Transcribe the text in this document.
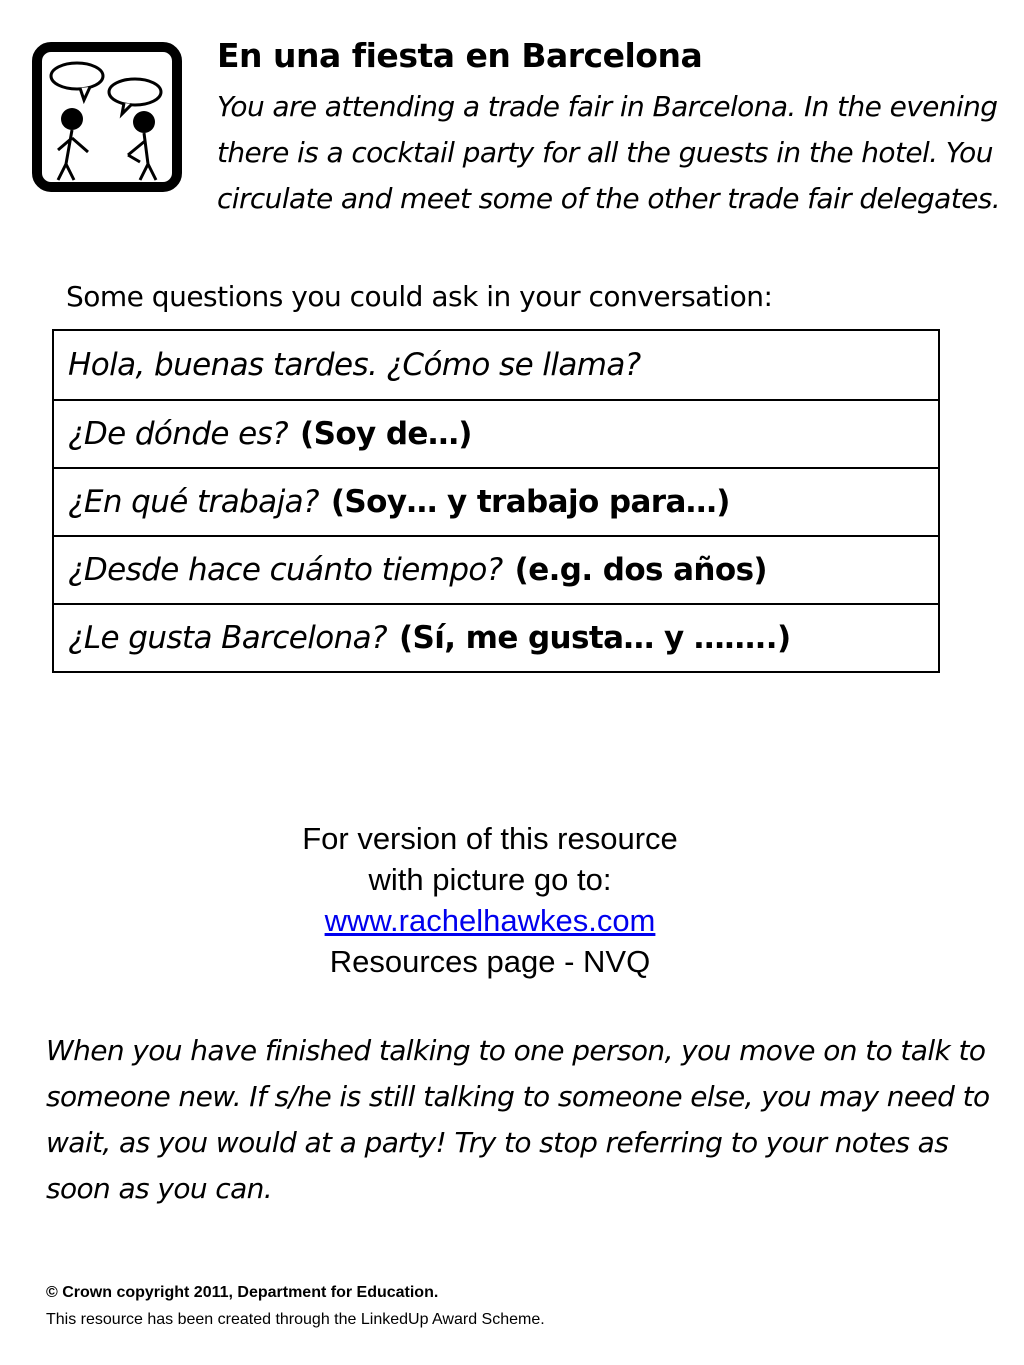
En una fiesta en Barcelona

You are attending a trade fair in Barcelona. In the evening there is a cocktail party for all the guests in the hotel. You circulate and meet some of the other trade fair delegates.

Some questions you could ask in your conversation:

Hola, buenas tardes. ¿Cómo se llama?
¿De dónde es? (Soy de…)
¿En qué trabaja? (Soy… y trabajo para…)
¿Desde hace cuánto tiempo? (e.g. dos años)
¿Le gusta Barcelona? (Sí, me gusta… y ……..)
For version of this resource
with picture go to:
www.rachelhawkes.com
Resources page - NVQ

When you have finished talking to one person, you move on to talk to someone new. If s/he is still talking to someone else, you may need to wait, as you would at a party! Try to stop referring to your notes as soon as you can.

© Crown copyright 2011, Department for Education.

This resource has been created through the LinkedUp Award Scheme.
